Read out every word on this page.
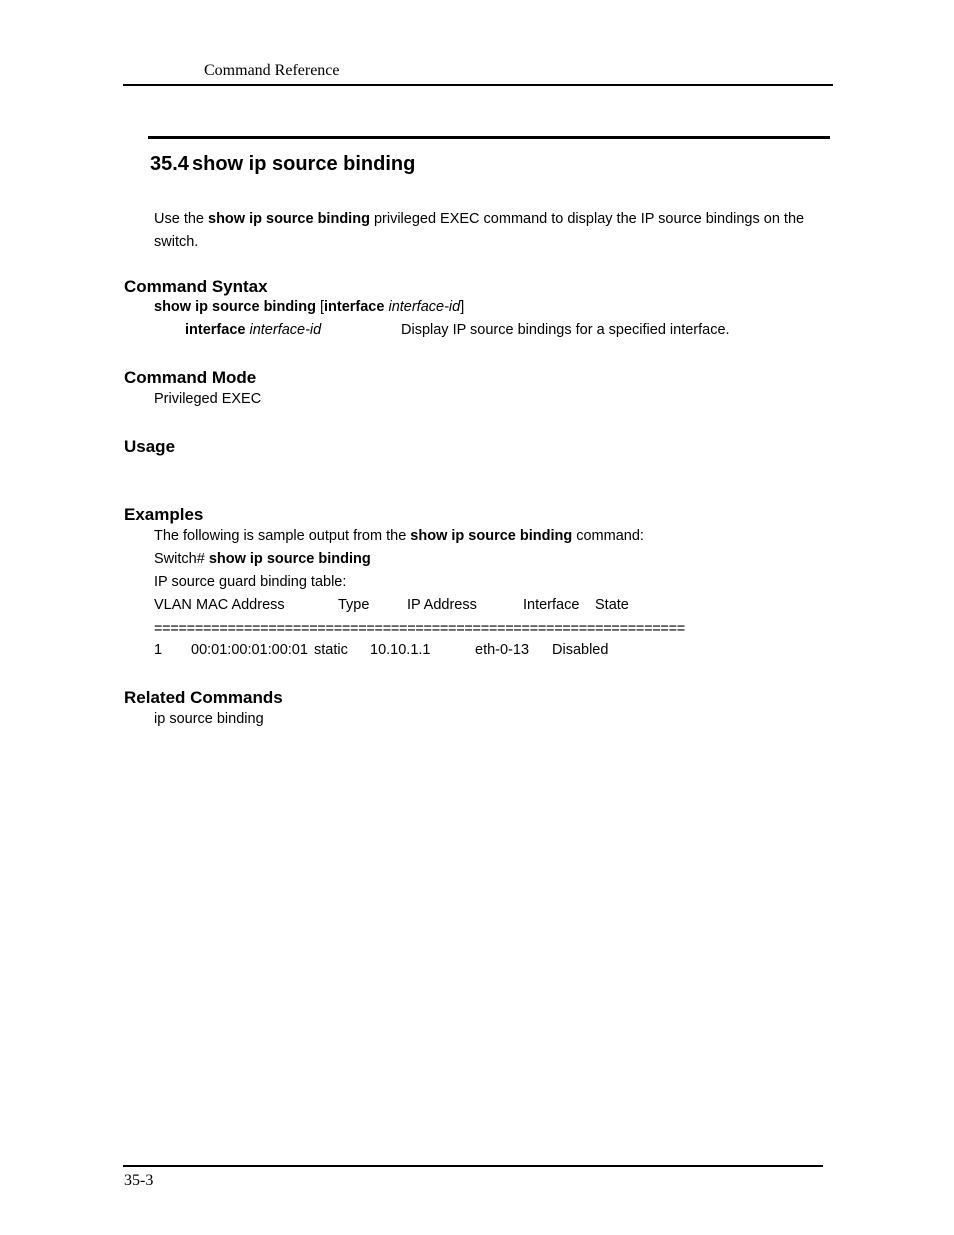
Command Reference
35.4 show ip source binding
Use the show ip source binding privileged EXEC command to display the IP source bindings on the switch.
Command Syntax
show ip source binding [interface interface-id]
interface interface-id	Display IP source bindings for a specified interface.
Command Mode
Privileged EXEC
Usage
Examples
The following is sample output from the show ip source binding command:
Switch# show ip source binding
IP source guard binding table:
VLAN MAC Address	Type	IP Address	Interface State
=================================================================
1 00:01:00:01:00:01 static 10.10.1.1	eth-0-13 Disabled
Related Commands
ip source binding
35-3
